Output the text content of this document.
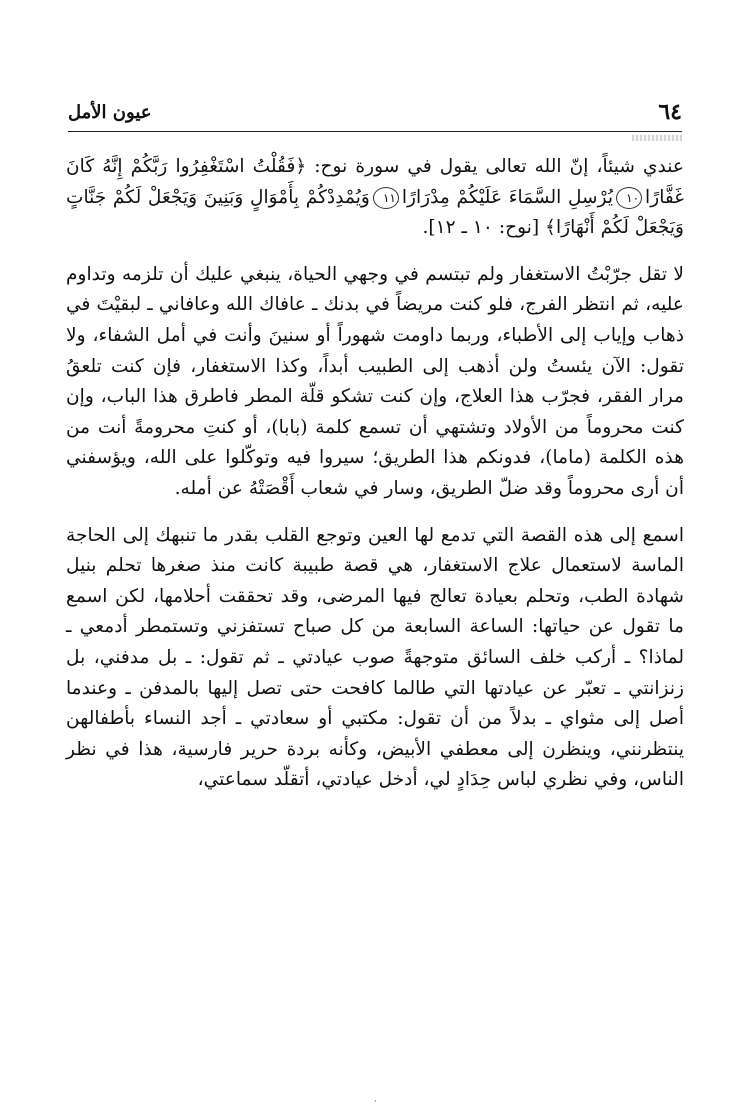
٦٤
عيون الأمل

عندي شيئاً، إنّ الله تعالى يقول في سورة نوح: ﴿فَقُلْتُ اسْتَغْفِرُوا رَبَّكُمْ إِنَّهُ كَانَ غَفَّارًا١٠يُرْسِلِ السَّمَاءَ عَلَيْكُمْ مِدْرَارًا١١وَيُمْدِدْكُمْ بِأَمْوَالٍ وَبَنِينَ وَيَجْعَلْ لَكُمْ جَنَّاتٍ وَيَجْعَلْ لَكُمْ أَنْهَارًا﴾ [نوح: ١٠ ـ ١٢].

لا تقل جرّبْتُ الاستغفار ولم تبتسم في وجهي الحياة، ينبغي عليك أن تلزمه وتداوم عليه، ثم انتظر الفرج، فلو كنت مريضاً في بدنك ـ عافاك الله وعافاني ـ لبقيْتَ في ذهاب وإياب إلى الأطباء، وربما داومت شهوراً أو سنينَ وأنت في أمل الشفاء، ولا تقول: الآن يئستُ ولن أذهب إلى الطبيب أبداً، وكذا الاستغفار، فإن كنت تلعقُ مرار الفقر، فجرّب هذا العلاج، وإن كنت تشكو قلّة المطر فاطرق هذا الباب، وإن كنت محروماً من الأولاد وتشتهي أن تسمع كلمة (بابا)، أو كنتِ محرومةً أنت من هذه الكلمة (ماما)، فدونكم هذا الطريق؛ سيروا فيه وتوكّلوا على الله، ويؤسفني أن أرى محروماً وقد ضلّ الطريق، وسار في شعاب أَقْصَتْهُ عن أمله.

اسمع إلى هذه القصة التي تدمع لها العين وتوجع القلب بقدر ما تنبهك إلى الحاجة الماسة لاستعمال علاج الاستغفار، هي قصة طبيبة كانت منذ صغرها تحلم بنيل شهادة الطب، وتحلم بعيادة تعالج فيها المرضى، وقد تحققت أحلامها، لكن اسمع ما تقول عن حياتها: الساعة السابعة من كل صباح تستفزني وتستمطر أدمعي ـ لماذا؟ ـ أركب خلف السائق متوجهةً صوب عيادتي ـ ثم تقول: ـ بل مدفني، بل زنزانتي ـ تعبّر عن عيادتها التي طالما كافحت حتى تصل إليها بالمدفن ـ وعندما أصل إلى مثواي ـ بدلاً من أن تقول: مكتبي أو سعادتي ـ أجد النساء بأطفالهن ينتظرنني، وينظرن إلى معطفي الأبيض، وكأنه بردة حرير فارسية، هذا في نظر الناس، وفي نظري لباس حِدَادٍ لي، أدخل عيادتي، أتقلّد سماعتي،

·
